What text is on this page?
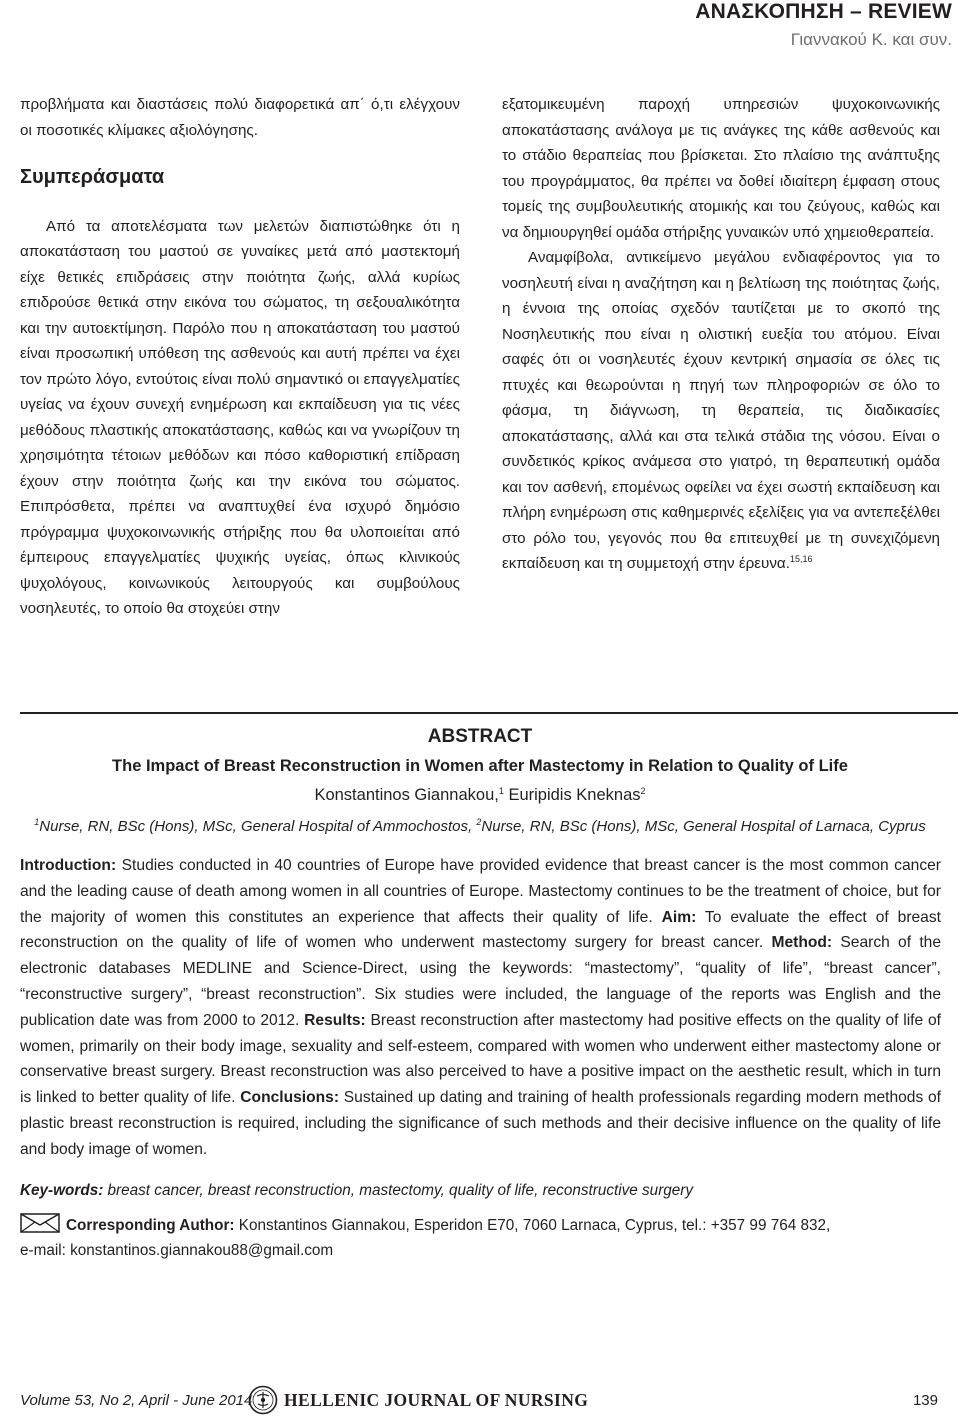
ΑΝΑΣΚΟΠΗΣΗ – REVIEW
Γιαννακού Κ. και συν.

προβλήματα και διαστάσεις πολύ διαφορετικά απ΄ ό,τι ελέγχουν οι ποσοτικές κλίμακες αξιολόγησης.

Συμπεράσματα

Από τα αποτελέσματα των μελετών διαπιστώθηκε ότι η αποκατάσταση του μαστού σε γυναίκες μετά από μαστεκτομή είχε θετικές επιδράσεις στην ποιότητα ζωής, αλλά κυρίως επιδρούσε θετικά στην εικόνα του σώματος, τη σεξουαλικότητα και την αυτοεκτίμηση. Παρόλο που η αποκατάσταση του μαστού είναι προσωπική υπόθεση της ασθενούς και αυτή πρέπει να έχει τον πρώτο λόγο, εντούτοις είναι πολύ σημαντικό οι επαγγελματίες υγείας να έχουν συνεχή ενημέρωση και εκπαίδευση για τις νέες μεθόδους πλαστικής αποκατάστασης, καθώς και να γνωρίζουν τη χρησιμότητα τέτοιων μεθόδων και πόσο καθοριστική επίδραση έχουν στην ποιότητα ζωής και την εικόνα του σώματος. Επιπρόσθετα, πρέπει να αναπτυχθεί ένα ισχυρό δημόσιο πρόγραμμα ψυχοκοινωνικής στήριξης που θα υλοποιείται από έμπειρους επαγγελματίες ψυχικής υγείας, όπως κλινικούς ψυχολόγους, κοινωνικούς λειτουργούς και συμβούλους νοσηλευτές, το οποίο θα στοχεύει στην

εξατομικευμένη παροχή υπηρεσιών ψυχοκοινωνικής αποκατάστασης ανάλογα με τις ανάγκες της κάθε ασθενούς και το στάδιο θεραπείας που βρίσκεται. Στο πλαίσιο της ανάπτυξης του προγράμματος, θα πρέπει να δοθεί ιδιαίτερη έμφαση στους τομείς της συμβουλευτικής ατομικής και του ζεύγους, καθώς και να δημιουργηθεί ομάδα στήριξης γυναικών υπό χημειοθεραπεία.

Αναμφίβολα, αντικείμενο μεγάλου ενδιαφέροντος για το νοσηλευτή είναι η αναζήτηση και η βελτίωση της ποιότητας ζωής, η έννοια της οποίας σχεδόν ταυτίζεται με το σκοπό της Νοσηλευτικής που είναι η ολιστική ευεξία του ατόμου. Είναι σαφές ότι οι νοσηλευτές έχουν κεντρική σημασία σε όλες τις πτυχές και θεωρούνται η πηγή των πληροφοριών σε όλο το φάσμα, τη διάγνωση, τη θεραπεία, τις διαδικασίες αποκατάστασης, αλλά και στα τελικά στάδια της νόσου. Είναι ο συνδετικός κρίκος ανάμεσα στο γιατρό, τη θεραπευτική ομάδα και τον ασθενή, επομένως οφείλει να έχει σωστή εκπαίδευση και πλήρη ενημέρωση στις καθημερινές εξελίξεις για να αντεπεξέλθει στο ρόλο του, γεγονός που θα επιτευχθεί με τη συνεχιζόμενη εκπαίδευση και τη συμμετοχή στην έρευνα.$^{15,16}$

ABSTRACT
The Impact of Breast Reconstruction in Women after Mastectomy in Relation to Quality of Life
Konstantinos Giannakou,$^1$ Euripidis Kneknas$^2$
$^1$Nurse, RN, BSc (Hons), MSc, General Hospital of Ammochostos, $^2$Nurse, RN, BSc (Hons), MSc, General Hospital of Larnaca, Cyprus

Introduction: Studies conducted in 40 countries of Europe have provided evidence that breast cancer is the most common cancer and the leading cause of death among women in all countries of Europe. Mastectomy continues to be the treatment of choice, but for the majority of women this constitutes an experience that affects their quality of life. Aim: To evaluate the effect of breast reconstruction on the quality of life of women who underwent mastectomy surgery for breast cancer. Method: Search of the electronic databases MEDLINE and Science-Direct, using the keywords: “mastectomy”, “quality of life”, “breast cancer”, “reconstructive surgery”, “breast reconstruction”. Six studies were included, the language of the reports was English and the publication date was from 2000 to 2012. Results: Breast reconstruction after mastectomy had positive effects on the quality of life of women, primarily on their body image, sexuality and self-esteem, compared with women who underwent either mastectomy alone or conservative breast surgery. Breast reconstruction was also perceived to have a positive impact on the aesthetic result, which in turn is linked to better quality of life. Conclusions: Sustained up dating and training of health professionals regarding modern methods of plastic breast reconstruction is required, including the significance of such methods and their decisive influence on the quality of life and body image of women.

Key-words: breast cancer, breast reconstruction, mastectomy, quality of life, reconstructive surgery
Corresponding Author: Konstantinos Giannakou, Esperidon E70, 7060 Larnaca, Cyprus, tel.: +357 99 764 832,
e-mail: konstantinos.giannakou88@gmail.com
Volume 53, No 2, April - June 2014 HELLENIC JOURNAL OF NURSING	139
